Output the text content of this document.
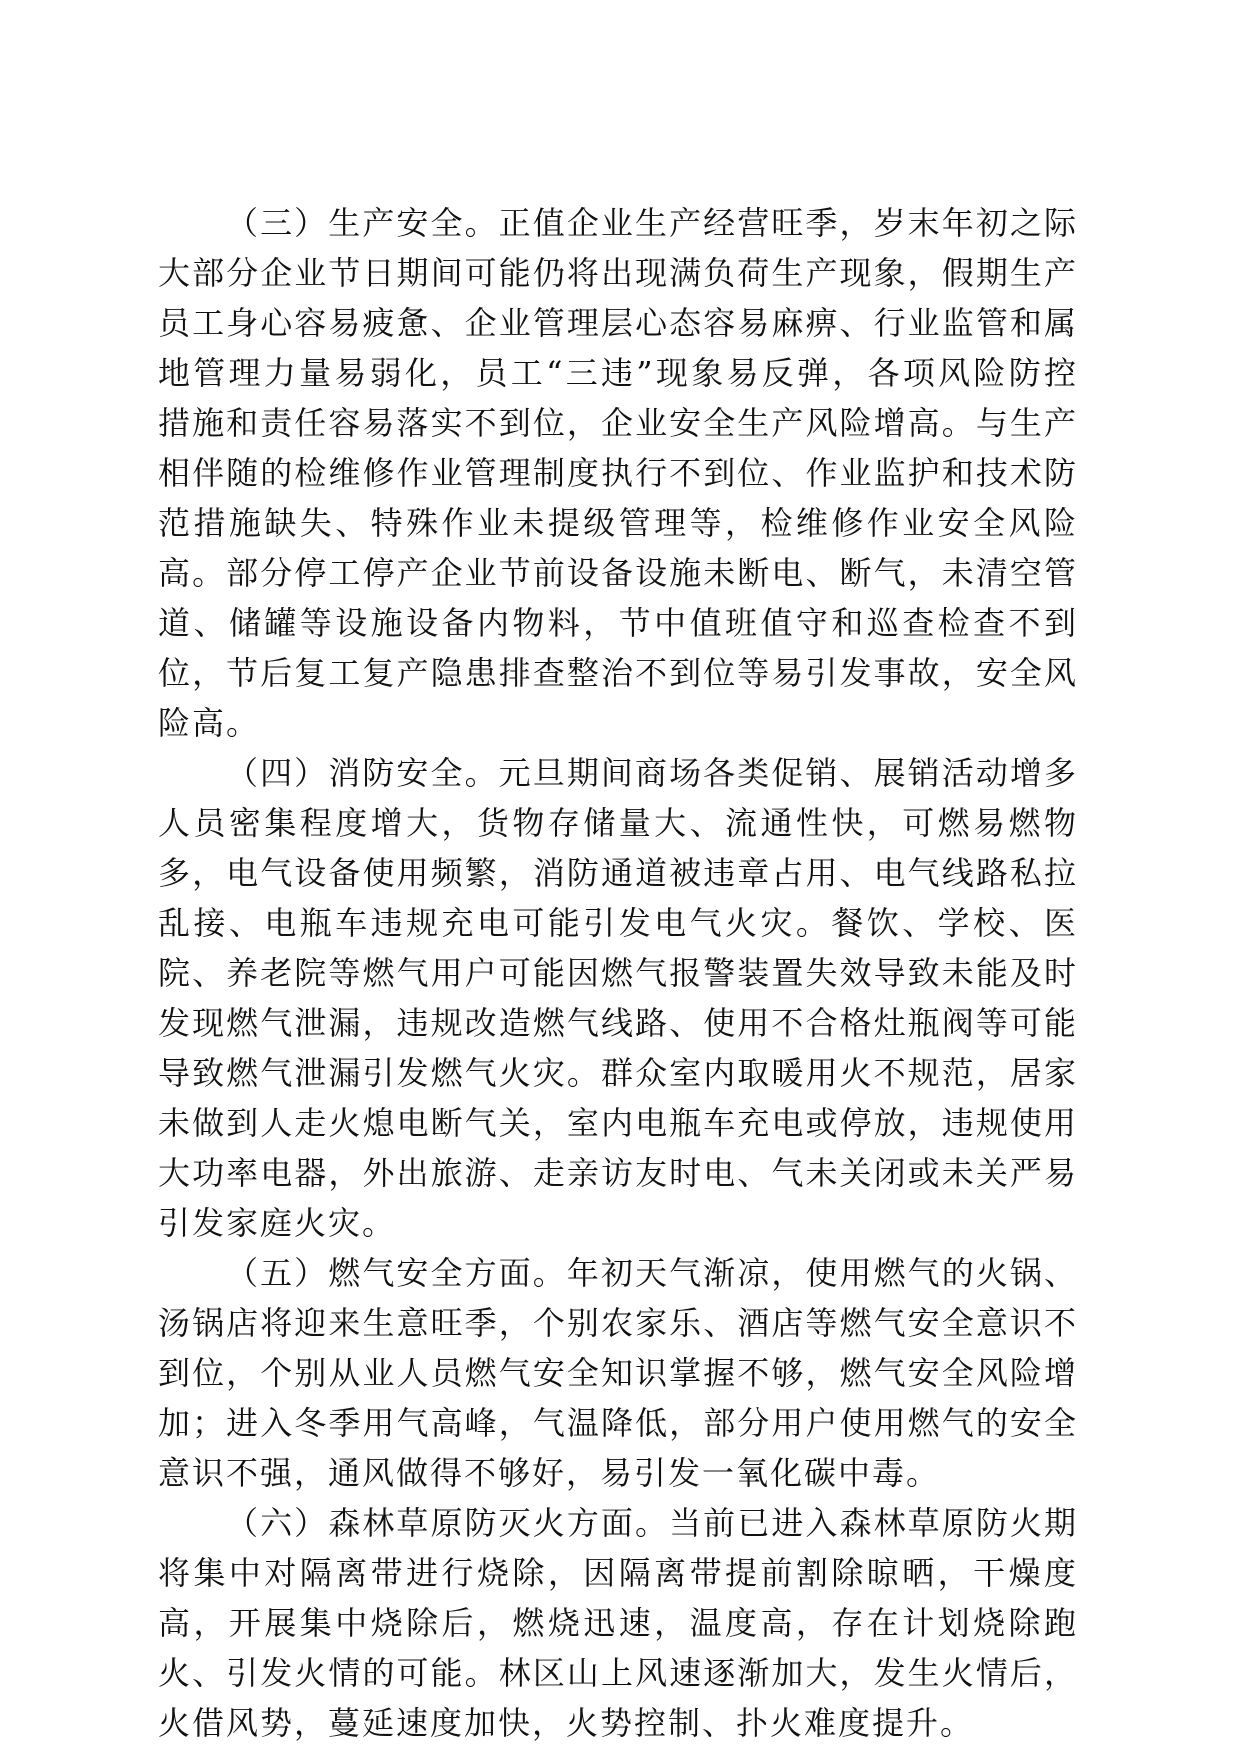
（三）生产安全。正值企业生产经营旺季，岁末年初之际大部分企业节日期间可能仍将出现满负荷生产现象，假期生产员工身心容易疲惫、企业管理层心态容易麻痹、行业监管和属地管理力量易弱化，员工“三违”现象易反弹，各项风险防控措施和责任容易落实不到位，企业安全生产风险增高。与生产相伴随的检维修作业管理制度执行不到位、作业监护和技术防范措施缺失、特殊作业未提级管理等，检维修作业安全风险高。部分停工停产企业节前设备设施未断电、断气，未清空管道、储罐等设施设备内物料，节中值班值守和巡查检查不到位，节后复工复产隐患排查整治不到位等易引发事故，安全风险高。

（四）消防安全。元旦期间商场各类促销、展销活动增多人员密集程度增大，货物存储量大、流通性快，可燃易燃物多，电气设备使用频繁，消防通道被违章占用、电气线路私拉乱接、电瓶车违规充电可能引发电气火灾。餐饮、学校、医院、养老院等燃气用户可能因燃气报警装置失效导致未能及时发现燃气泄漏，违规改造燃气线路、使用不合格灶瓶阀等可能导致燃气泄漏引发燃气火灾。群众室内取暖用火不规范，居家未做到人走火熄电断气关，室内电瓶车充电或停放，违规使用大功率电器，外出旅游、走亲访友时电、气未关闭或未关严易引发家庭火灾。

（五）燃气安全方面。年初天气渐凉，使用燃气的火锅、汤锅店将迎来生意旺季，个别农家乐、酒店等燃气安全意识不到位，个别从业人员燃气安全知识掌握不够，燃气安全风险增加；进入冬季用气高峰，气温降低，部分用户使用燃气的安全意识不强，通风做得不够好，易引发一氧化碳中毒。

（六）森林草原防灭火方面。当前已进入森林草原防火期将集中对隔离带进行烧除，因隔离带提前割除晾晒，干燥度高，开展集中烧除后，燃烧迅速，温度高，存在计划烧除跑火、引发火情的可能。林区山上风速逐渐加大，发生火情后，火借风势，蔓延速度加快，火势控制、扑火难度提升。
